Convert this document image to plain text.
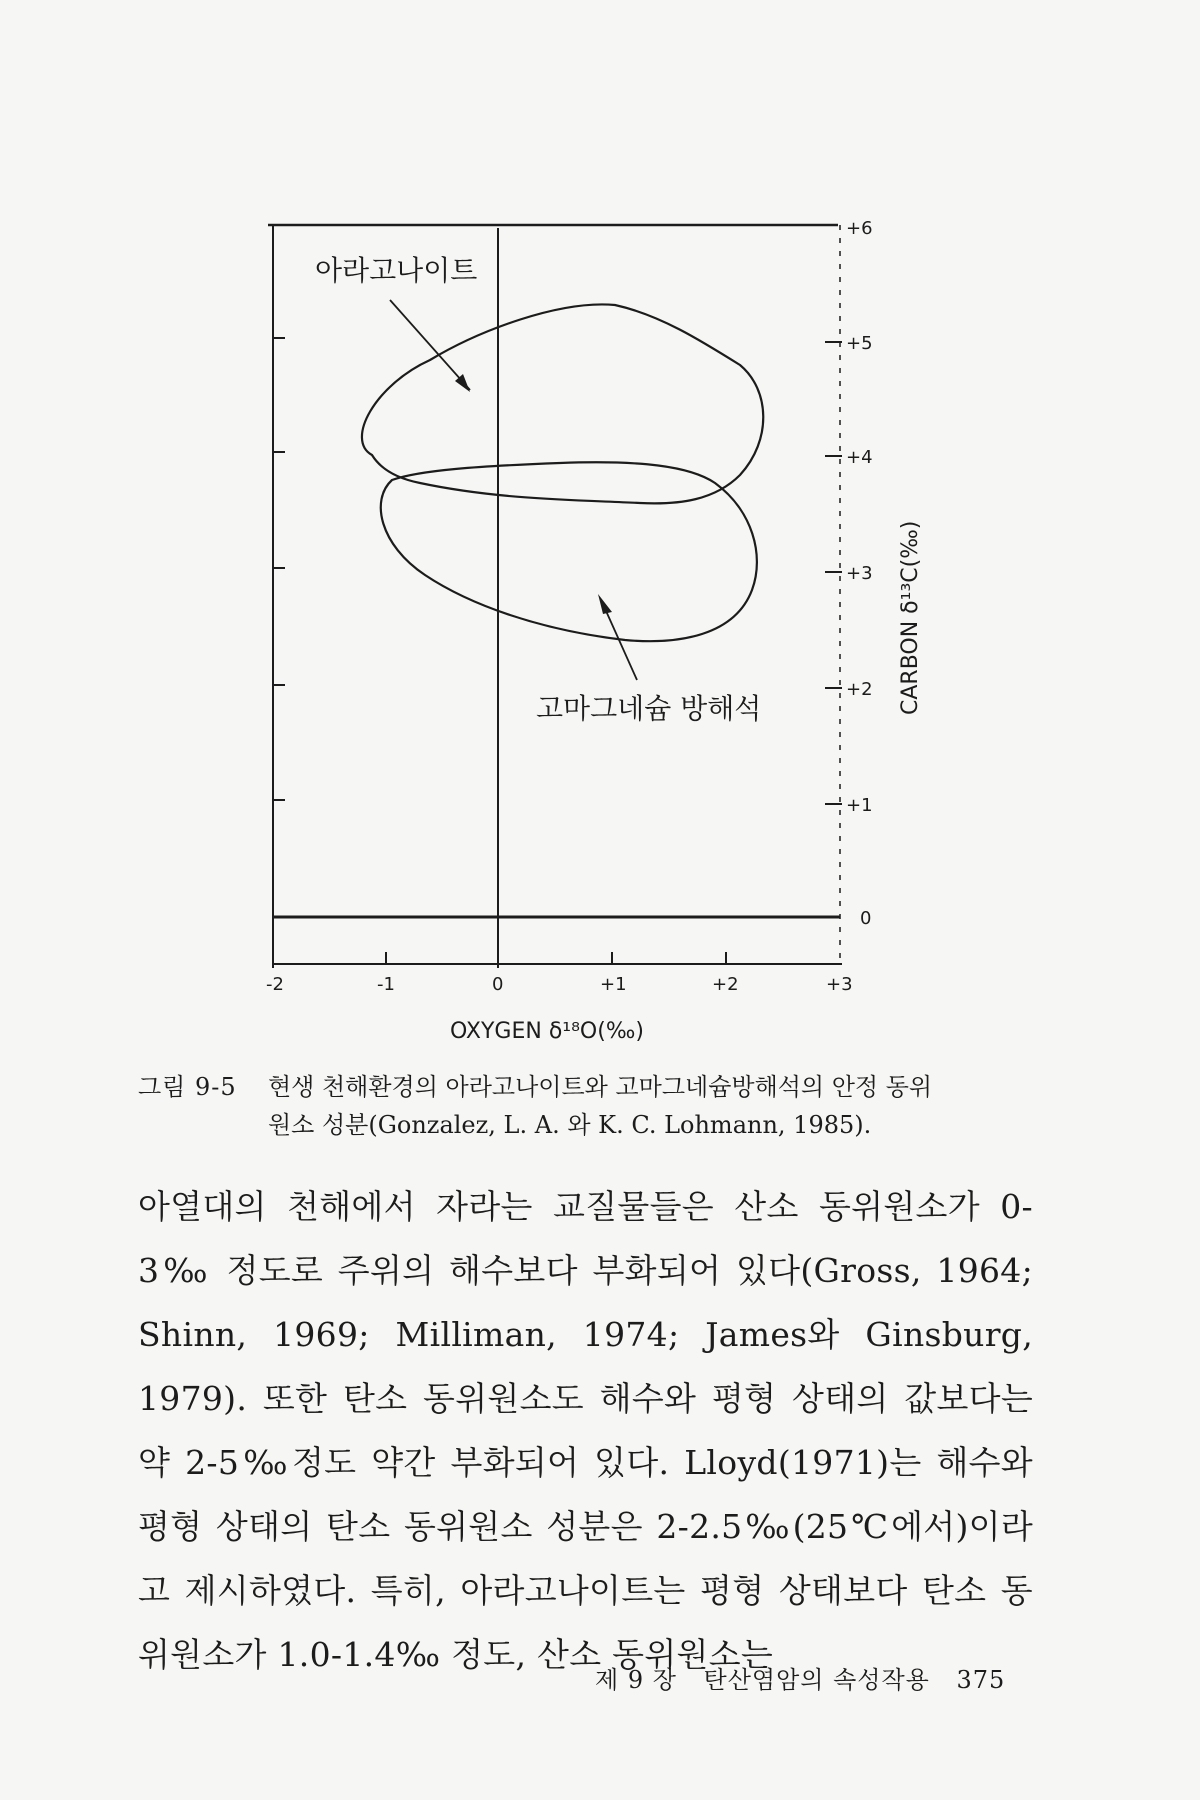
아라고나이트
고마그네슘 방해석
+6
+5
+4
+3
+2
+1
0
-2	-1	0	+1	+2	+3
OXYGEN δ¹⁸O(‰)
CARBON δ¹³C(‰)
그림 9-5 현생 천해환경의 아라고나이트와 고마그네슘방해석의 안정 동위
원소 성분(Gonzalez, L. A. 와 K. C. Lohmann, 1985).

아열대의 천해에서 자라는 교질물들은 산소 동위원소가 0-3‰ 정도로 주위의 해수보다 부화되어 있다(Gross, 1964; Shinn, 1969; Milliman, 1974; James와 Ginsburg, 1979). 또한 탄소 동위원소도 해수와 평형 상태의 값보다는 약 2-5‰정도 약간 부화되어 있다. Lloyd(1971)는 해수와 평형 상태의 탄소 동위원소 성분은 2-2.5‰(25℃에서)이라고 제시하였다. 특히, 아라고나이트는 평형 상태보다 탄소 동위원소가 1.0-1.4‰ 정도, 산소 동위원소는

제 9 장 탄산염암의 속성작용 375
